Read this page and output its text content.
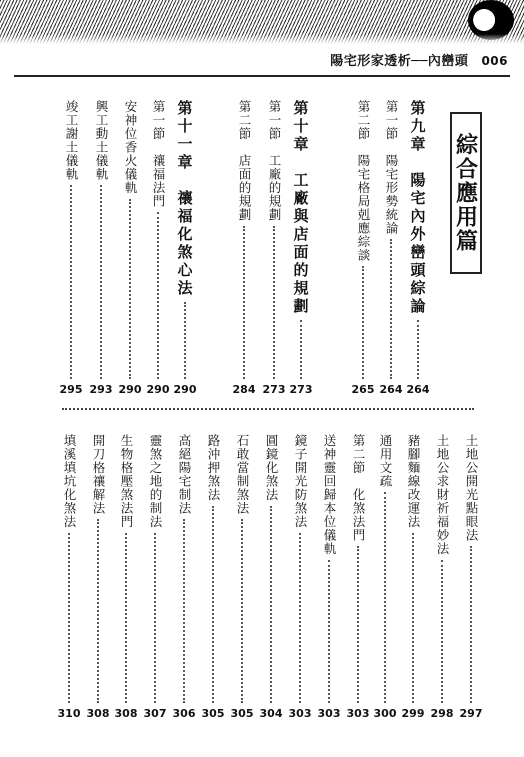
陽宅形家透析──內巒頭 006
綜合應用篇
第九章　陽宅內外巒頭綜論
264
第一節　陽宅形勢統論
264
第二節　陽宅格局剋應綜談
265
第十章　工廠與店面的規劃
273
第一節　工廠的規劃
273
第二節　店面的規劃
284
第十一章　禳福化煞心法
290
第一節　禳福法門
290
安神位香火儀軌
290
興工動土儀軌
293
竣工謝土儀軌
295
土地公開光點眼法
297
土地公求財祈福妙法
298
豬腳麵線改運法
299
通用文疏
300
第二節　化煞法門
303
送神靈回歸本位儀軌
303
鏡子開光防煞法
303
圓鏡化煞法
304
石敢當制煞法
305
路沖押煞法
305
高絕陽宅制法
306
靈煞之地的制法
307
生物格壓煞法門
308
開刀格禳解法
308
填溪填坑化煞法
310
